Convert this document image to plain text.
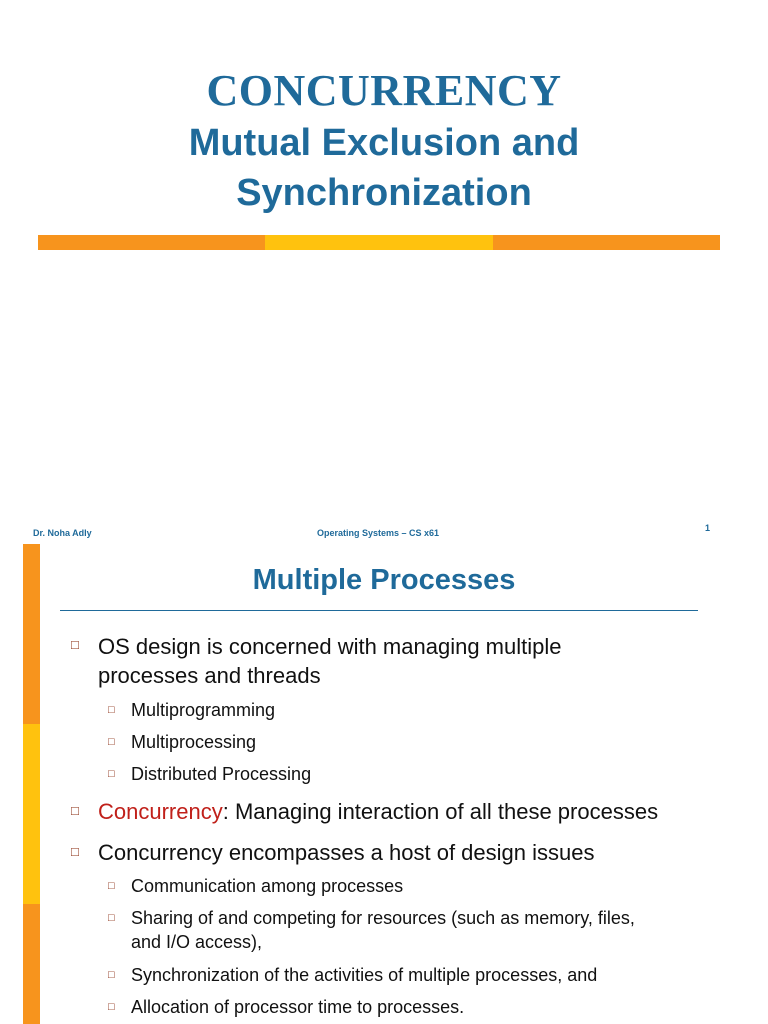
CONCURRENCY
Mutual Exclusion and
Synchronization
Dr. Noha Adly	Operating Systems – CS x61	1
Multiple Processes
□ OS design is concerned with managing multiple
processes and threads
□ Multiprogramming
□ Multiprocessing
□ Distributed Processing
□ Concurrency: Managing interaction of all these processes
□ Concurrency encompasses a host of design issues
□ Communication among processes
□ Sharing of and competing for resources (such as memory, files,
and I/O access),
□ Synchronization of the activities of multiple processes, and
□ Allocation of processor time to processes.
